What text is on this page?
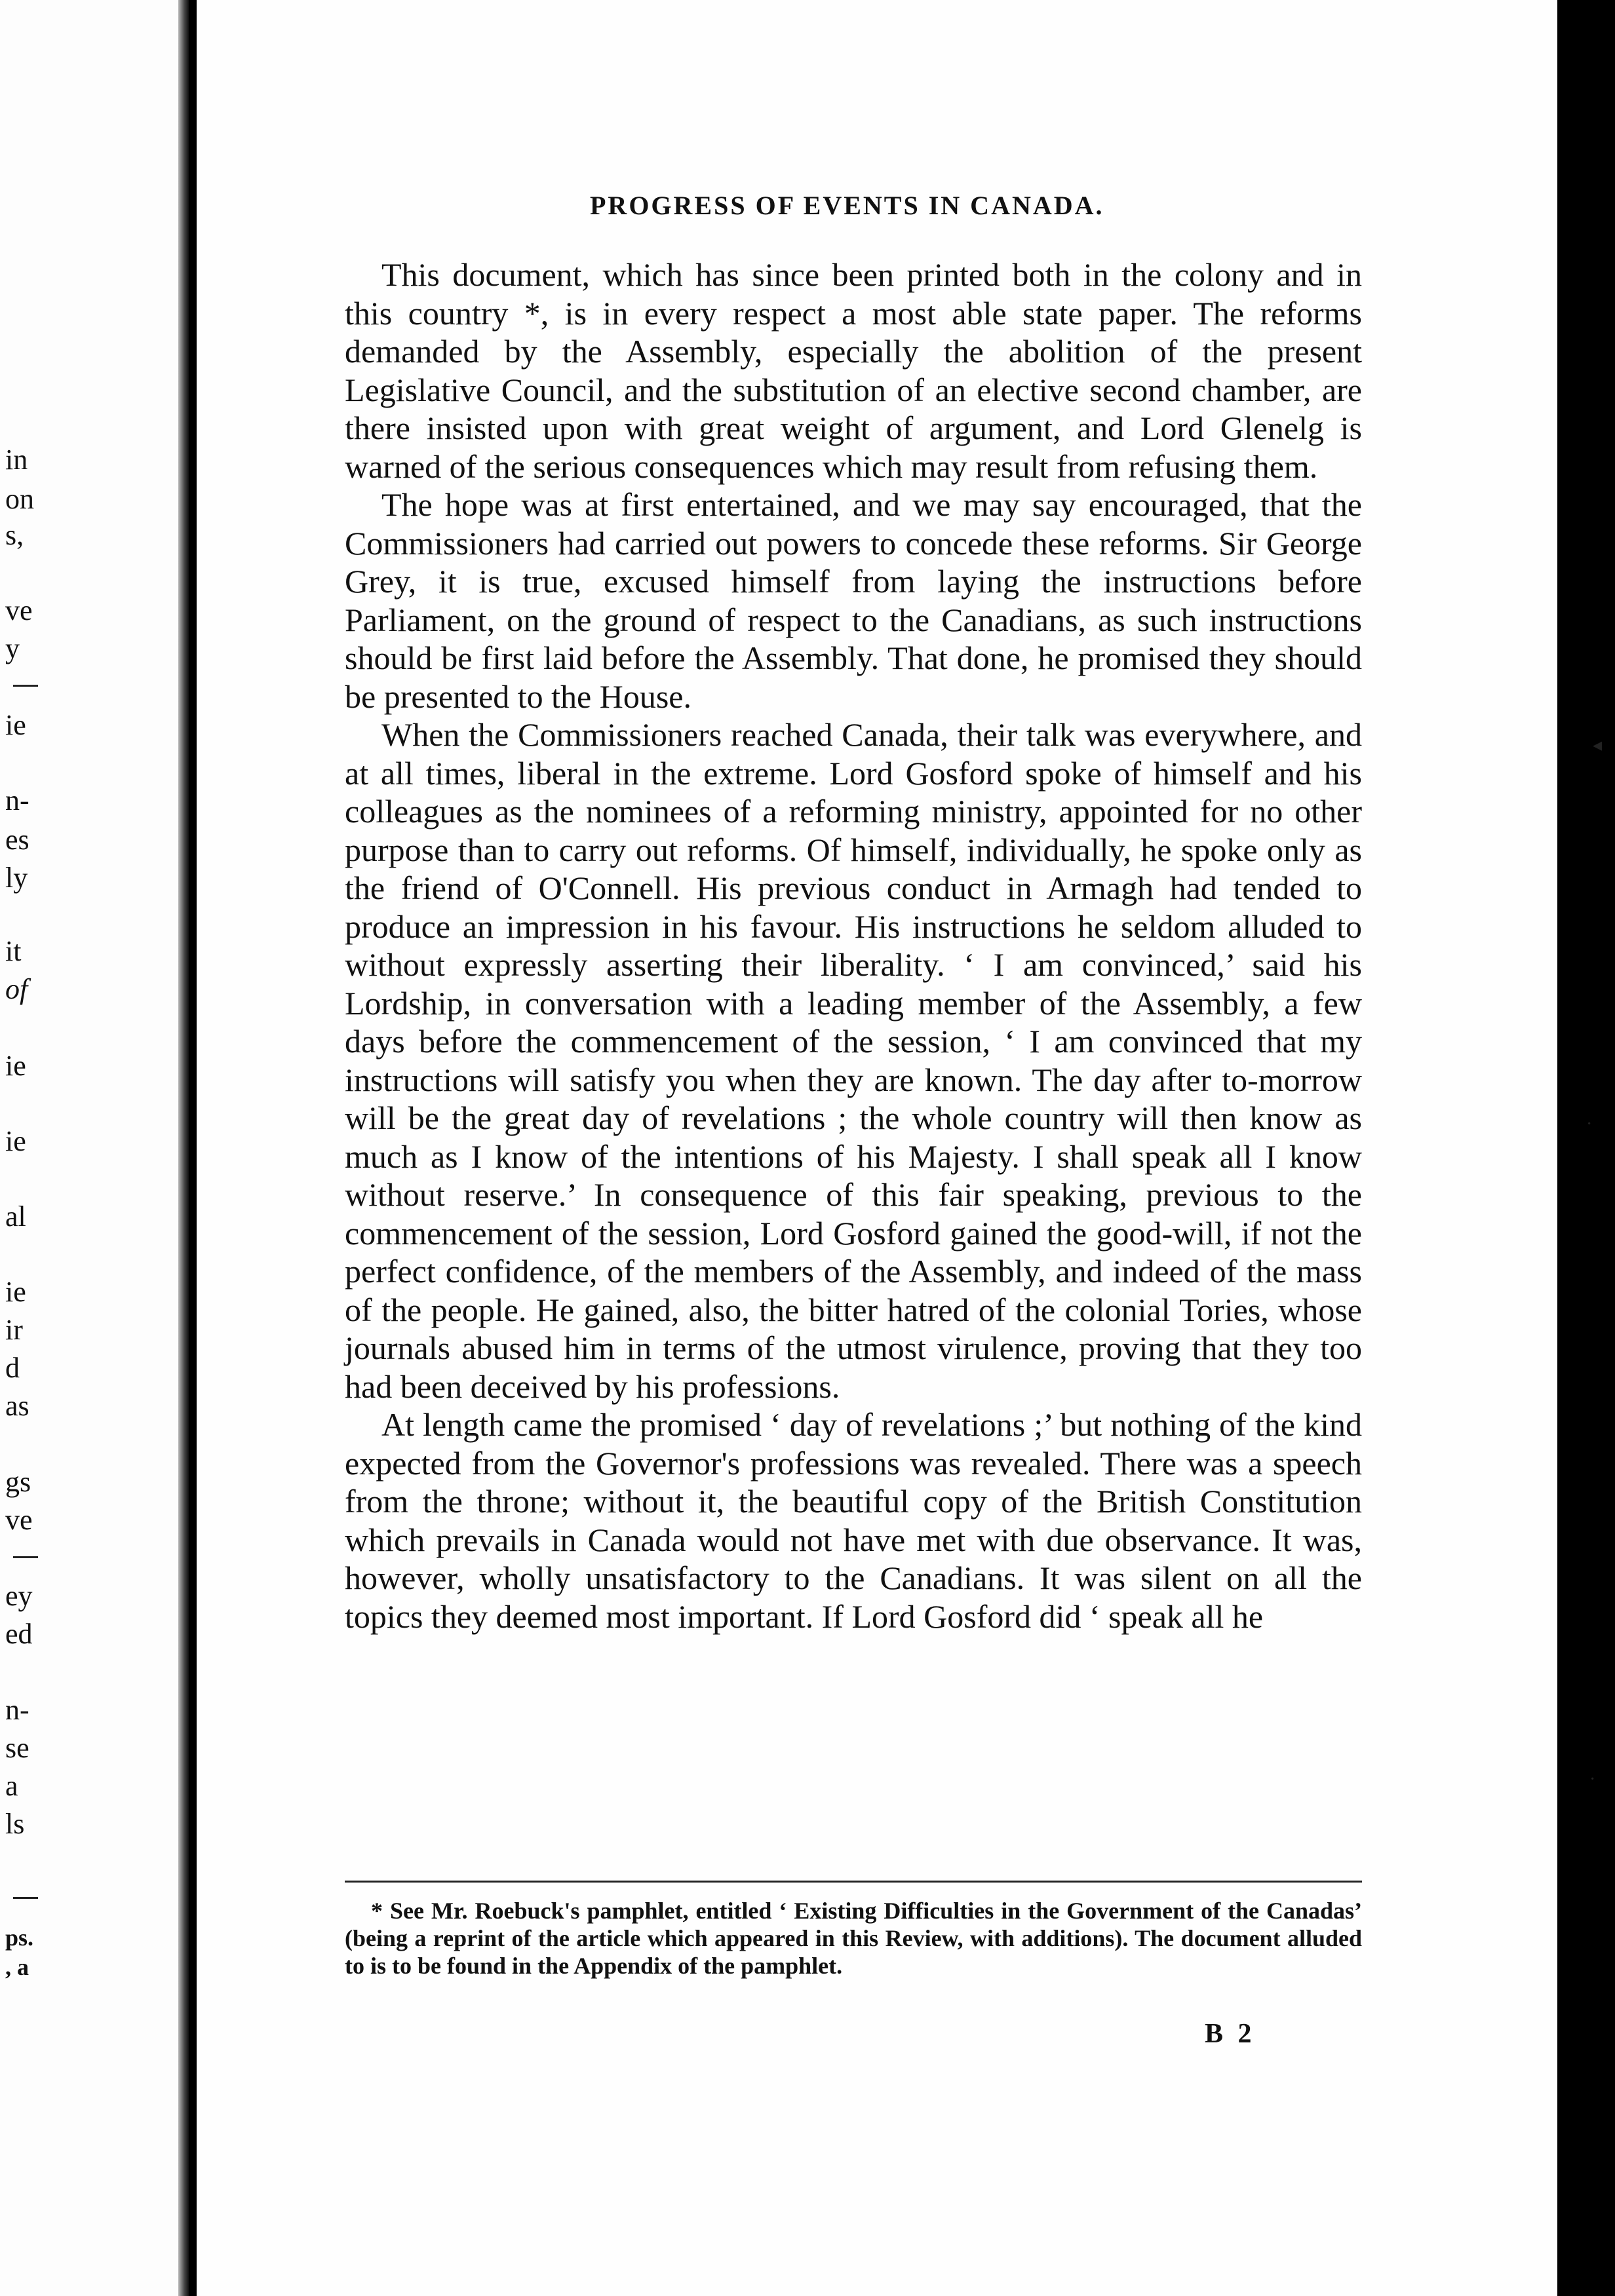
in
on
s,
ve
y
ie
n-
es
ly
it
of
ie
ie
al
ie
ir
d
as
gs
ve
ey
ed
n-
se
a
ls
ps.
, a
PROGRESS OF EVENTS IN CANADA.

This document, which has since been printed both in the colony and in this country *, is in every respect a most able state paper. The reforms demanded by the Assembly, especially the abolition of the present Legislative Council, and the substitution of an elective second chamber, are there insisted upon with great weight of argument, and Lord Glenelg is warned of the serious consequences which may result from refusing them.

The hope was at first entertained, and we may say encouraged, that the Commissioners had carried out powers to concede these reforms. Sir George Grey, it is true, excused himself from laying the instructions before Parliament, on the ground of respect to the Canadians, as such instructions should be first laid before the Assembly. That done, he promised they should be presented to the House.

When the Commissioners reached Canada, their talk was everywhere, and at all times, liberal in the extreme. Lord Gosford spoke of himself and his colleagues as the nominees of a reforming ministry, appointed for no other purpose than to carry out reforms. Of himself, individually, he spoke only as the friend of O'Connell. His previous conduct in Armagh had tended to produce an impression in his favour. His instructions he seldom alluded to without expressly asserting their liberality. ‘ I am convinced,’ said his Lordship, in conversation with a leading member of the Assembly, a few days before the commencement of the session, ‘ I am convinced that my instructions will satisfy you when they are known. The day after to-morrow will be the great day of revelations ; the whole country will then know as much as I know of the intentions of his Majesty. I shall speak all I know without reserve.’ In consequence of this fair speaking, previous to the commencement of the session, Lord Gosford gained the good-will, if not the perfect confidence, of the members of the Assembly, and indeed of the mass of the people. He gained, also, the bitter hatred of the colonial Tories, whose journals abused him in terms of the utmost virulence, proving that they too had been deceived by his professions.

At length came the promised ‘ day of revelations ;’ but nothing of the kind expected from the Governor's professions was revealed. There was a speech from the throne; without it, the beautiful copy of the British Constitution which prevails in Canada would not have met with due observance. It was, however, wholly unsatisfactory to the Canadians. It was silent on all the topics they deemed most important. If Lord Gosford did ‘ speak all he

* See Mr. Roebuck's pamphlet, entitled ‘ Existing Difficulties in the Government of the Canadas’ (being a reprint of the article which appeared in this Review, with additions). The document alluded to is to be found in the Appendix of the pamphlet.

B 2
◂
·
·
